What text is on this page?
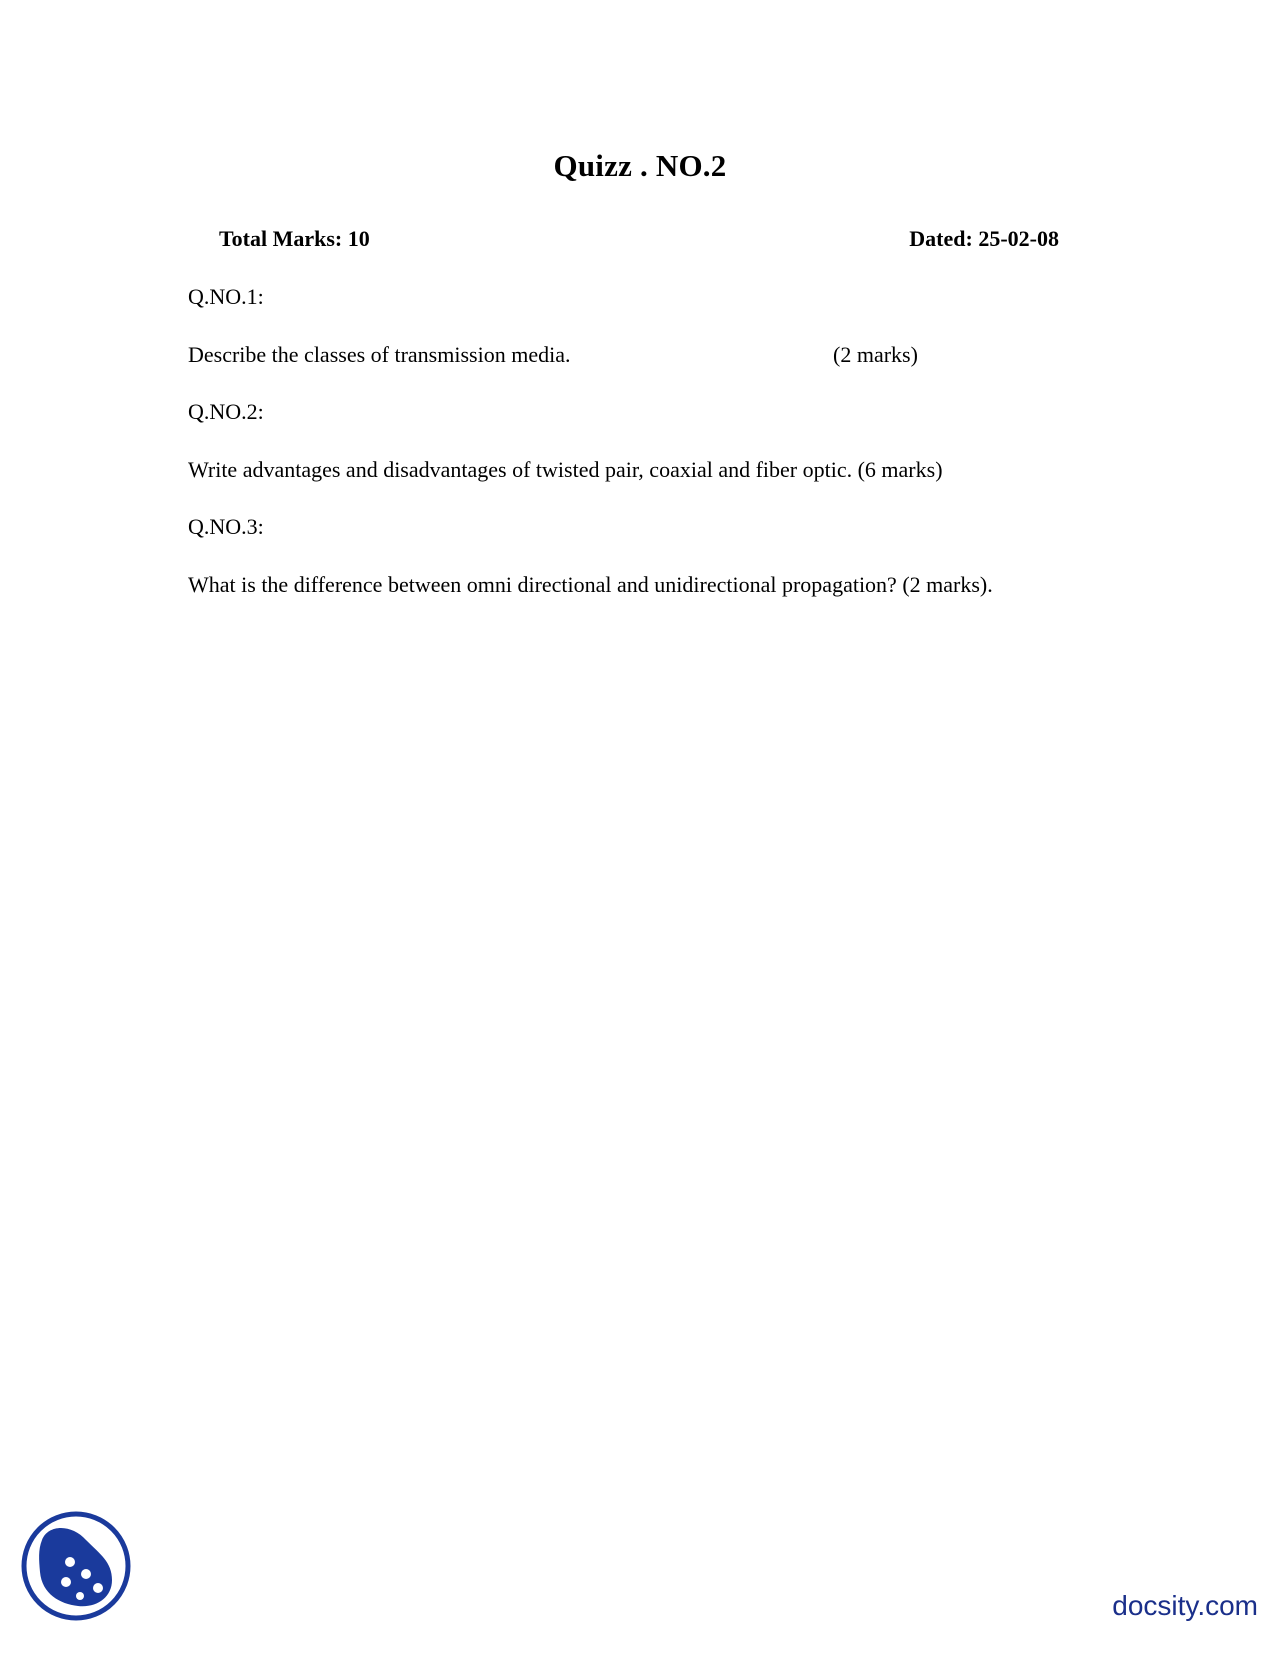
Quizz . NO.2
Total Marks: 10	Dated: 25-02-08
Q.NO.1:
Describe the classes of transmission media.	(2 marks)
Q.NO.2:
Write advantages and disadvantages of twisted pair, coaxial and fiber optic. (6 marks)
Q.NO.3:
What is the difference between omni directional and unidirectional propagation? (2 marks).
docsity.com
